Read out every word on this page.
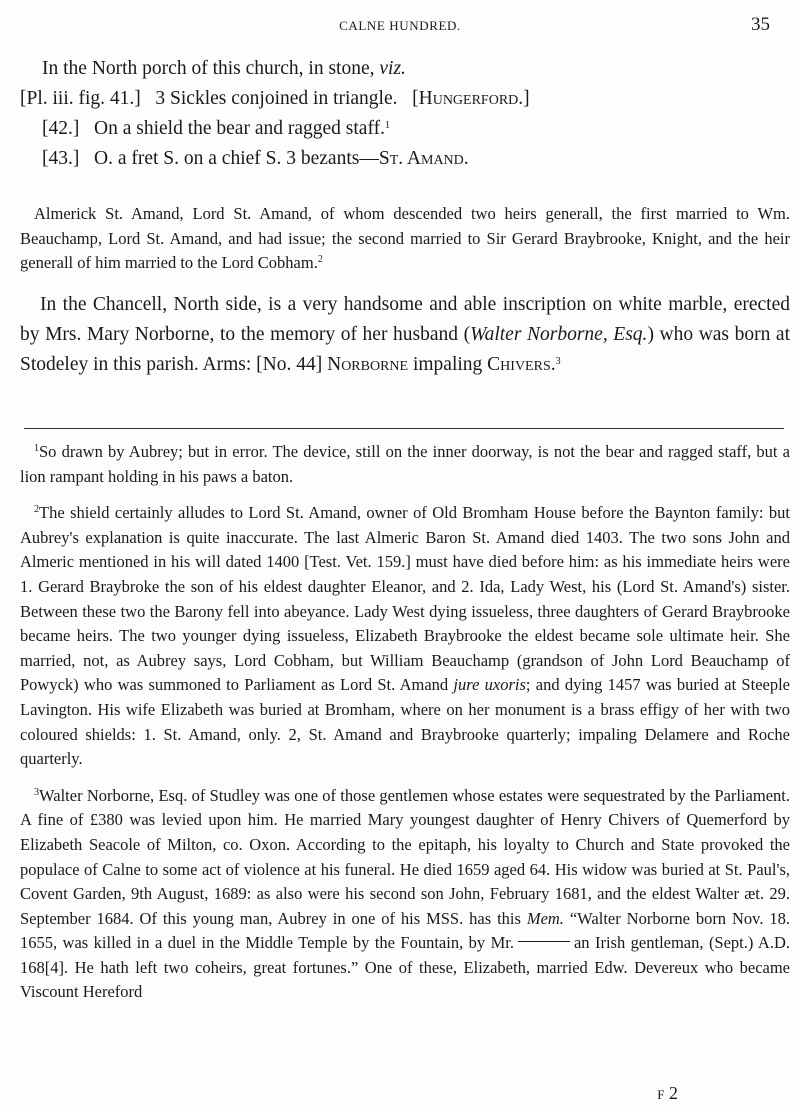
CALNE HUNDRED.	35

In the North porch of this church, in stone, viz.

[Pl. iii. fig. 41.] 3 Sickles conjoined in triangle. [Hungerford.]

[42.] On a shield the bear and ragged staff.$^1$

[43.] O. a fret S. on a chief S. 3 bezants—St. Amand.

Almerick St. Amand, Lord St. Amand, of whom descended two heirs generall, the first married to Wm. Beauchamp, Lord St. Amand, and had issue; the second married to Sir Gerard Braybrooke, Knight, and the heir generall of him married to the Lord Cobham.$^2$

In the Chancell, North side, is a very handsome and able inscription on white marble, erected by Mrs. Mary Norborne, to the memory of her husband (Walter Norborne, Esq.) who was born at Stodeley in this parish. Arms: [No. 44] Norborne impaling Chivers.$^3$

$^1$So drawn by Aubrey; but in error. The device, still on the inner doorway, is not the bear and ragged staff, but a lion rampant holding in his paws a baton.

$^2$The shield certainly alludes to Lord St. Amand, owner of Old Bromham House before the Baynton family: but Aubrey's explanation is quite inaccurate. The last Almeric Baron St. Amand died 1403. The two sons John and Almeric mentioned in his will dated 1400 [Test. Vet. 159.] must have died before him: as his immediate heirs were 1. Gerard Braybroke the son of his eldest daughter Eleanor, and 2. Ida, Lady West, his (Lord St. Amand's) sister. Between these two the Barony fell into abeyance. Lady West dying issueless, three daughters of Gerard Braybrooke became heirs. The two younger dying issueless, Elizabeth Braybrooke the eldest became sole ultimate heir. She married, not, as Aubrey says, Lord Cobham, but William Beauchamp (grandson of John Lord Beauchamp of Powyck) who was summoned to Parliament as Lord St. Amand jure uxoris; and dying 1457 was buried at Steeple Lavington. His wife Elizabeth was buried at Bromham, where on her monument is a brass effigy of her with two coloured shields: 1. St. Amand, only. 2, St. Amand and Braybrooke quarterly; impaling Delamere and Roche quarterly.

$^3$Walter Norborne, Esq. of Studley was one of those gentlemen whose estates were sequestrated by the Parliament. A fine of £380 was levied upon him. He married Mary youngest daughter of Henry Chivers of Quemerford by Elizabeth Seacole of Milton, co. Oxon. According to the epitaph, his loyalty to Church and State provoked the populace of Calne to some act of violence at his funeral. He died 1659 aged 64. His widow was buried at St. Paul's, Covent Garden, 9th August, 1689: as also were his second son John, February 1681, and the eldest Walter æt. 29. September 1684. Of this young man, Aubrey in one of his MSS. has this Mem. “Walter Norborne born Nov. 18. 1655, was killed in a duel in the Middle Temple by the Fountain, by Mr.	an Irish gentleman, (Sept.) A.D. 168[4]. He hath left two coheirs, great fortunes.” One of these, Elizabeth, married Edw. Devereux who became Viscount Hereford

F 2
